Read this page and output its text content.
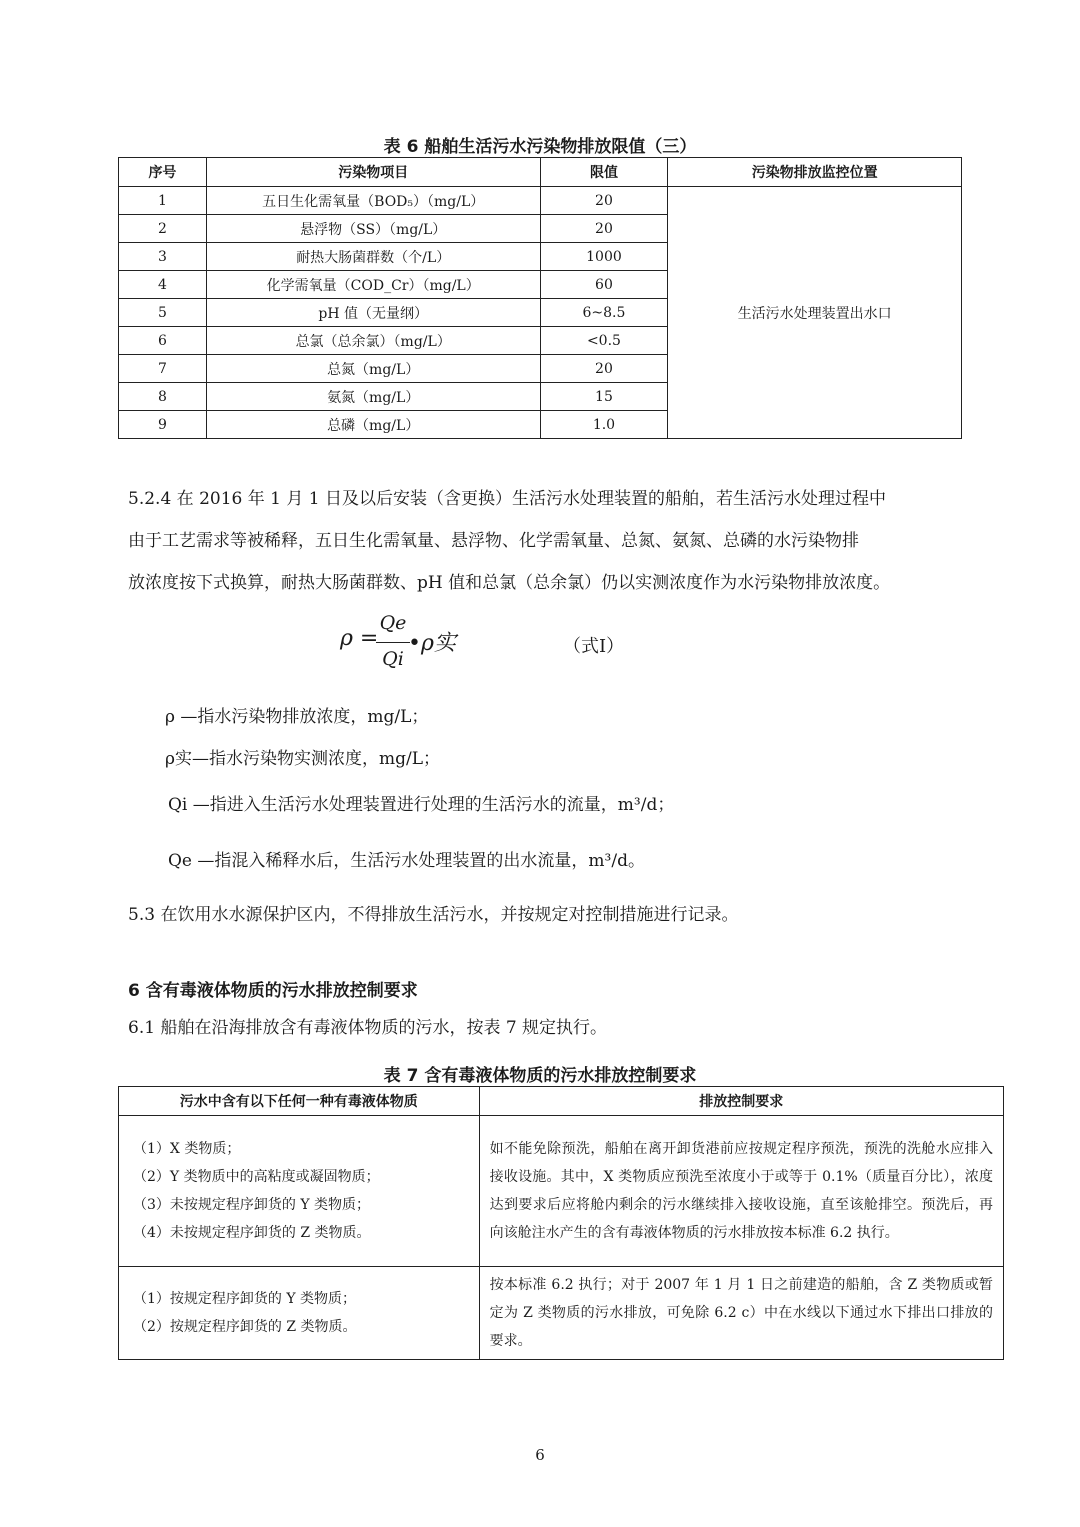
表 6 船舶生活污水污染物排放限值（三）
序号	污染物项目	限值	污染物排放监控位置
1	五日生化需氧量（BOD₅）（mg/L）	20	生活污水处理装置出水口
2	悬浮物（SS）（mg/L）	20	
3	耐热大肠菌群数（个/L）	1000	
4	化学需氧量（COD_Cr）（mg/L）	60	
5	pH 值（无量纲）	6~8.5	
6	总氯（总余氯）（mg/L）	<0.5	
7	总氮（mg/L）	20	
8	氨氮（mg/L）	15	
9	总磷（mg/L）	1.0	
5.2.4 在 2016 年 1 月 1 日及以后安装（含更换）生活污水处理装置的船舶，若生活污水处理过程中
由于工艺需求等被稀释，五日生化需氧量、悬浮物、化学需氧量、总氮、氨氮、总磷的水污染物排
放浓度按下式换算，耐热大肠菌群数、pH 值和总氯（总余氯）仍以实测浓度作为水污染物排放浓度。
ρ =
Qe
Qi
•ρ实	（式I）
ρ —指水污染物排放浓度，mg/L；
ρ实—指水污染物实测浓度，mg/L；
Qi —指进入生活污水处理装置进行处理的生活污水的流量，m³/d；
Qe —指混入稀释水后，生活污水处理装置的出水流量，m³/d。
5.3 在饮用水水源保护区内，不得排放生活污水，并按规定对控制措施进行记录。
6 含有毒液体物质的污水排放控制要求
6.1 船舶在沿海排放含有毒液体物质的污水，按表 7 规定执行。
表 7 含有毒液体物质的污水排放控制要求
污水中含有以下任何一种有毒液体物质	排放控制要求

（1）X 类物质；
（2）Y 类物质中的高粘度或凝固物质；
（3）未按规定程序卸货的 Y 类物质；
（4）未按规定程序卸货的 Z 类物质。	如不能免除预洗，船舶在离开卸货港前应按规定程序预洗，预洗的洗舱水应排入接收设施。其中，X 类物质应预洗至浓度小于或等于 0.1%（质量百分比），浓度达到要求后应将舱内剩余的污水继续排入接收设施，直至该舱排空。预洗后，再向该舱注水产生的含有毒液体物质的污水排放按本标准 6.2 执行。

（1）按规定程序卸货的 Y 类物质；
（2）按规定程序卸货的 Z 类物质。	按本标准 6.2 执行；对于 2007 年 1 月 1 日之前建造的船舶，含 Z 类物质或暂定为 Z 类物质的污水排放，可免除 6.2 c）中在水线以下通过水下排出口排放的要求。
6
